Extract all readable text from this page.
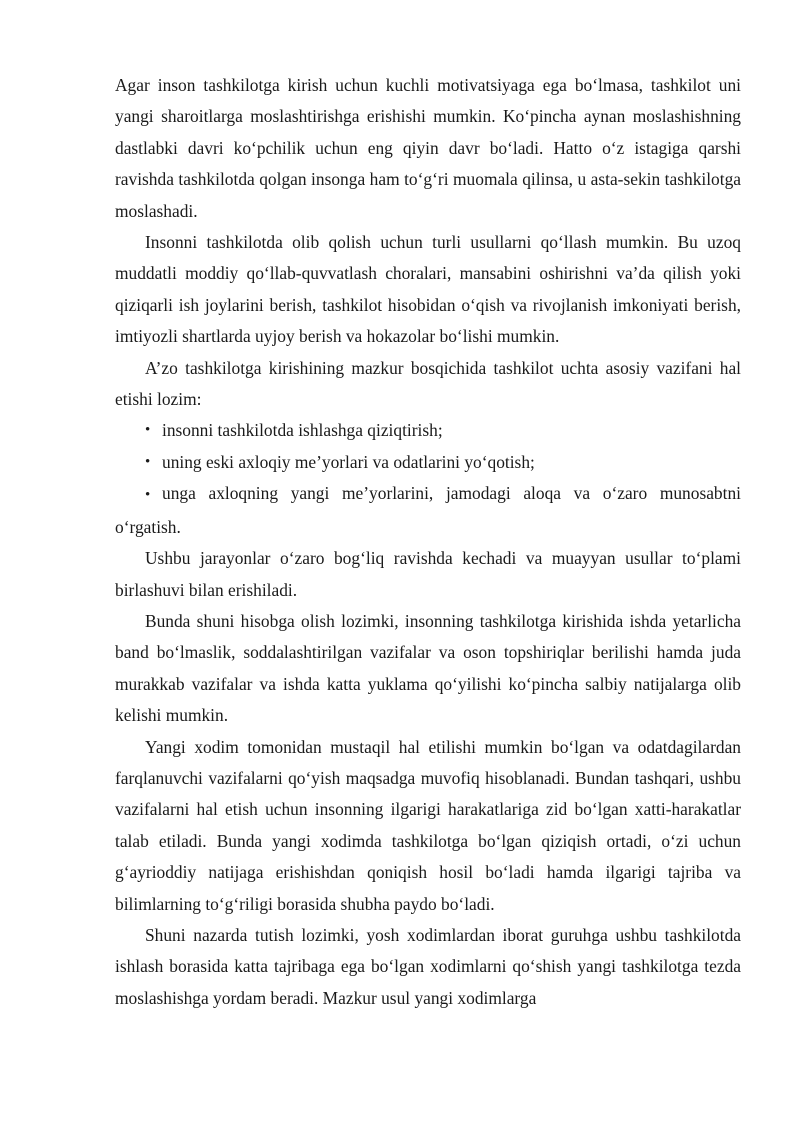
Agar inson tashkilotga kirish uchun kuchli motivatsiyaga ega bo‘lmasa, tashkilot uni yangi sharoitlarga moslashtirishga erishishi mumkin. Ko‘pincha aynan moslashishning dastlabki davri ko‘pchilik uchun eng qiyin davr bo‘ladi. Hatto o‘z istagiga qarshi ravishda tashkilotda qolgan insonga ham to‘g‘ri muomala qilinsa, u asta-sekin tashkilotga moslashadi.

Insonni tashkilotda olib qolish uchun turli usullarni qo‘llash mumkin. Bu uzoq muddatli moddiy qo‘llab-quvvatlash choralari, mansabini oshirishni va’da qilish yoki qiziqarli ish joylarini berish, tashkilot hisobidan o‘qish va rivojlanish imkoniyati berish, imtiyozli shartlarda uyjoy berish va hokazolar bo‘lishi mumkin.

A’zo tashkilotga kirishining mazkur bosqichida tashkilot uchta asosiy vazifani hal etishi lozim:

• insonni tashkilotda ishlashga qiziqtirish;

• uning eski axloqiy me’yorlari va odatlarini yo‘qotish;

• unga axloqning yangi me’yorlarini, jamodagi aloqa va o‘zaro munosabtni o‘rgatish.

Ushbu jarayonlar o‘zaro bog‘liq ravishda kechadi va muayyan usullar to‘plami birlashuvi bilan erishiladi.

Bunda shuni hisobga olish lozimki, insonning tashkilotga kirishida ishda yetarlicha band bo‘lmaslik, soddalashtirilgan vazifalar va oson topshiriqlar berilishi hamda juda murakkab vazifalar va ishda katta yuklama qo‘yilishi ko‘pincha salbiy natijalarga olib kelishi mumkin.

Yangi xodim tomonidan mustaqil hal etilishi mumkin bo‘lgan va odatdagilardan farqlanuvchi vazifalarni qo‘yish maqsadga muvofiq hisoblanadi. Bundan tashqari, ushbu vazifalarni hal etish uchun insonning ilgarigi harakatlariga zid bo‘lgan xatti-harakatlar talab etiladi. Bunda yangi xodimda tashkilotga bo‘lgan qiziqish ortadi, o‘zi uchun g‘ayrioddiy natijaga erishishdan qoniqish hosil bo‘ladi hamda ilgarigi tajriba va bilimlarning to‘g‘riligi borasida shubha paydo bo‘ladi.

Shuni nazarda tutish lozimki, yosh xodimlardan iborat guruhga ushbu tashkilotda ishlash borasida katta tajribaga ega bo‘lgan xodimlarni qo‘shish yangi tashkilotga tezda moslashishga yordam beradi. Mazkur usul yangi xodimlarga
